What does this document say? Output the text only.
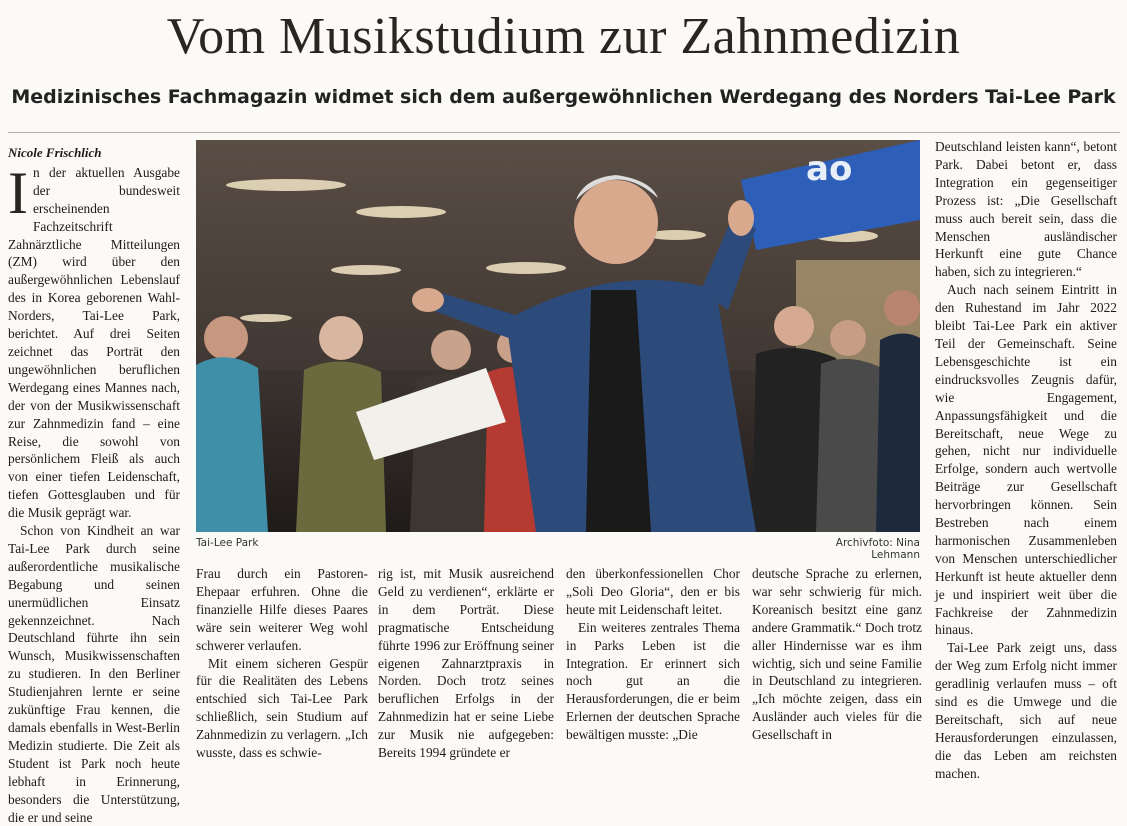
Vom Musikstudium zur Zahnmedizin
Medizinisches Fachmagazin widmet sich dem außergewöhnlichen Werdegang des Norders Tai-Lee Park
Nicole Frischlich

In der aktuellen Ausgabe der bundesweit erscheinenden Fachzeitschrift Zahnärztliche Mitteilungen (ZM) wird über den außergewöhnlichen Lebenslauf des in Korea geborenen Wahl-Norders, Tai-Lee Park, berichtet. Auf drei Seiten zeichnet das Porträt den ungewöhnlichen beruflichen Werdegang eines Mannes nach, der von der Musikwissenschaft zur Zahnmedizin fand – eine Reise, die sowohl von persönlichem Fleiß als auch von einer tiefen Leidenschaft, tiefen Gottesglauben und für die Musik geprägt war.

Schon von Kindheit an war Tai-Lee Park durch seine außerordentliche musikalische Begabung und seinen unermüdlichen Einsatz gekennzeichnet. Nach Deutschland führte ihn sein Wunsch, Musikwissenschaften zu studieren. In den Berliner Studienjahren lernte er seine zukünftige Frau kennen, die damals ebenfalls in West-Berlin Medizin studierte. Die Zeit als Student ist Park noch heute lebhaft in Erinnerung, besonders die Unterstützung, die er und seine

ao
Tai-Lee Park	Archivfoto: Nina Lehmann

Frau durch ein Pastoren-Ehepaar erfuhren. Ohne die finanzielle Hilfe dieses Paares wäre sein weiterer Weg wohl schwerer verlaufen.

Mit einem sicheren Gespür für die Realitäten des Lebens entschied sich Tai-Lee Park schließlich, sein Studium auf Zahnmedizin zu verlagern. „Ich wusste, dass es schwie-

rig ist, mit Musik ausreichend Geld zu verdienen“, erklärte er in dem Porträt. Diese pragmatische Entscheidung führte 1996 zur Eröffnung seiner eigenen Zahnarztpraxis in Norden. Doch trotz seines beruflichen Erfolgs in der Zahnmedizin hat er seine Liebe zur Musik nie aufgegeben: Bereits 1994 gründete er

den überkonfessionellen Chor „Soli Deo Gloria“, den er bis heute mit Leidenschaft leitet.

Ein weiteres zentrales Thema in Parks Leben ist die Integration. Er erinnert sich noch gut an die Herausforderungen, die er beim Erlernen der deutschen Sprache bewältigen musste: „Die

deutsche Sprache zu erlernen, war sehr schwierig für mich. Koreanisch besitzt eine ganz andere Grammatik.“ Doch trotz aller Hindernisse war es ihm wichtig, sich und seine Familie in Deutschland zu integrieren. „Ich möchte zeigen, dass ein Ausländer auch vieles für die Gesellschaft in

Deutschland leisten kann“, betont Park. Dabei betont er, dass Integration ein gegenseitiger Prozess ist: „Die Gesellschaft muss auch bereit sein, dass die Menschen ausländischer Herkunft eine gute Chance haben, sich zu integrieren.“

Auch nach seinem Eintritt in den Ruhestand im Jahr 2022 bleibt Tai-Lee Park ein aktiver Teil der Gemeinschaft. Seine Lebensgeschichte ist ein eindrucksvolles Zeugnis dafür, wie Engagement, Anpassungsfähigkeit und die Bereitschaft, neue Wege zu gehen, nicht nur individuelle Erfolge, sondern auch wertvolle Beiträge zur Gesellschaft hervorbringen können. Sein Bestreben nach einem harmonischen Zusammenleben von Menschen unterschiedlicher Herkunft ist heute aktueller denn je und inspiriert weit über die Fachkreise der Zahnmedizin hinaus.

Tai-Lee Park zeigt uns, dass der Weg zum Erfolg nicht immer geradlinig verlaufen muss – oft sind es die Umwege und die Bereitschaft, sich auf neue Herausforderungen einzulassen, die das Leben am reichsten machen.
